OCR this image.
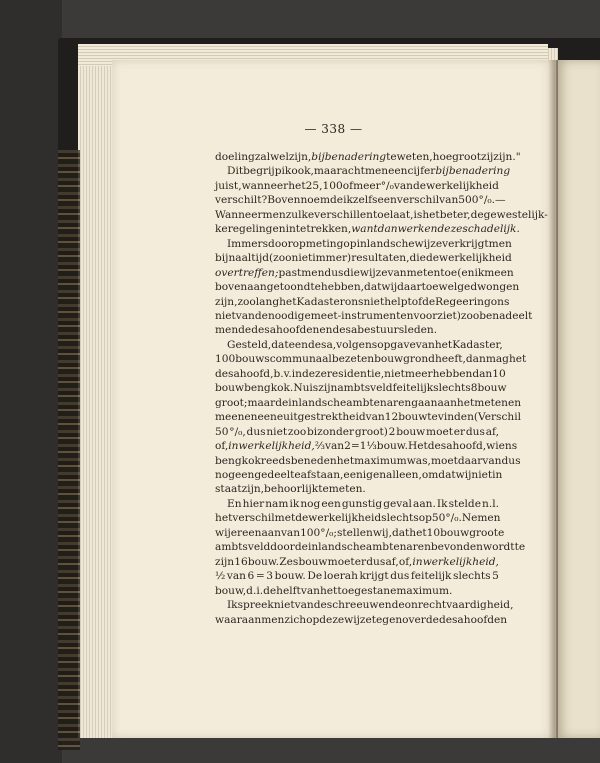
— 338 —
doeling zal wel zijn, bij benadering te weten, hoe groot zij zijn."
Dit begrijp ik ook, maar acht men een cijfer bij benadering
juist, wanneer het 25, 100 of meer °/₀ van de werkelijkheid
verschilt? Boven noemde ik zelfs een verschil van 500 °/₀.—
Wanneer men zulke verschillen toelaat, is het beter, de gewestelijk-
ke regelingen in te trekken, want dan werken deze schadelijk.
Immers door opmeting op inlandsche wijze verkrijgt men
bijna altijd (zoo niet immer) resultaten, die de werkelijkheid
overtreffen; past men dus die wijze van meten toe (en ik meen
boven aangetoond te hebben, dat wij daartoe wel gedwongen
zijn, zoolang het Kadaster ons niet helpt of de Regeering ons
niet van de noodige meet-instrumenten voorziet) zoo benadeelt
men de desahoofden en desabestuursleden.
Gesteld, dat een desa, volgens opgave van het Kadaster,
100 bouws communaal bezeten bouwgrond heeft, dan mag het
desahoofd, b. v. in deze residentie, niet meer hebben dan 10
bouw bengkok. Nu is zijn ambtsveld feitelijk slechts 8 bouw
groot; maar de inlandsche ambtenaren gaan aan het meten en
meenen eene uitgestrektheid van 12 bouw te vinden (Verschil
50 °/₀, dus niet zoo bizonder groot) 2 bouw moet er dus af,
of, in werkelijkheid, ⅔ van 2 = 1⅓ bouw. Het desahoofd, wiens
bengkok reeds beneden het maximum was, moet daarvan dus
nog een gedeelte afstaan, eenig en alleen, omdat wij niet in
staat zijn, behoorlijk te meten.
En hier nam ik nog een gunstig geval aan. Ik stelde n.l.
het verschil met de werkelijkheid slechts op 50 °/₀. Nemen
wij er een aan van 100 °/₀; stellen wij, dat het 10 bouw groote
ambtsveld door de inlandsche ambtenaren bevonden wordt te
zijn 16 bouw. Zes bouw moet er dus af, of, in werkelijkheid,
½ van 6 = 3 bouw. De loerah krijgt dus feitelijk slechts 5
bouw, d. i. de helft van het toegestane maximum.
Ik spreek niet van de schreeuwende onrechtvaardigheid,
waaraan men zich op deze wijze tegenover de desahoofden
